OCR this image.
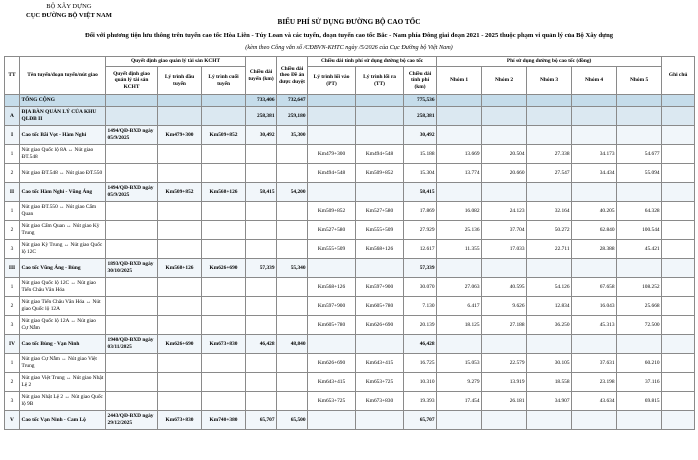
BỘ XÂY DỰNG
CỤC ĐƯỜNG BỘ VIỆT NAM
BIỂU PHÍ SỬ DỤNG ĐƯỜNG BỘ CAO TỐC
Đối với phương tiện lưu thông trên tuyến cao tốc Hòa Liên - Túy Loan và các tuyến, đoạn tuyến cao tốc Bắc - Nam phía Đông giai đoạn 2021 - 2025 thuộc phạm vi quản lý của Bộ Xây dựng
(kèm theo Công văn số /CĐBVN-KHTC ngày /5/2026 của Cục Đường bộ Việt Nam)
TT	Tên tuyến/đoạn tuyến/nút giao	Quyết định giao quản lý tài sản KCHT			Chiều dài tuyến (km)	Chiều dài theo Đề án được duyệt	Chiều dài tính phí sử dụng đường bộ cao tốc			Phí sử dụng đường bộ cao tốc (đồng)					Ghi chú
		Quyết định giao quản lý tài sản KCHT	Lý trình đầu tuyến	Lý trình cuối tuyến			Lý trình lối vào (PT)	Lý trình lối ra (TT)	Chiều dài tính phí (km)	Nhóm 1	Nhóm 2	Nhóm 3	Nhóm 4	Nhóm 5	
	TỔNG CỘNG				733,406	732,647			775,536						
A	ĐỊA BÀN QUẢN LÝ CỦA KHU QLĐB II				258,381	259,180			258,381						
I	Cao tốc Bãi Vọt - Hàm Nghi	1494/QĐ-BXD ngày 05/9/2025	Km479+300	Km509+852	30,492	35,300			30,492						
1	Nút giao Quốc lộ 8A ↔ Nút giao ĐT.548						Km479+300	Km494+548	15.188	13.669	20.504	27.338	34.173	54.677	
2	Nút giao ĐT.548 ↔ Nút giao ĐT.550						Km494+548	Km509+852	15.304	13.774	20.660	27.547	34.434	55.094	
II	Cao tốc Hàm Nghi - Vũng Áng	1494/QĐ-BXD ngày 05/9/2025	Km509+852	Km568+126	58,415	54,200			58,415						
1	Nút giao ĐT.550 ↔ Nút giao Cẩm Quan						Km509+852	Km527+580	17.869	16.082	24.123	32.164	40.205	64.328	
2	Nút giao Cẩm Quan ↔ Nút giao Kỳ Trung						Km527+580	Km555+509	27.929	25.136	37.704	50.272	62.840	100.544	
3	Nút giao Kỳ Trung ↔ Nút giao Quốc lộ 12C						Km555+509	Km568+126	12.617	11.355	17.033	22.711	28.388	45.421	
III	Cao tốc Vũng Áng - Bùng	1893/QĐ-BXD ngày 30/10/2025	Km568+126	Km626+690	57,339	55,340			57,339						
1	Nút giao Quốc lộ 12C ↔ Nút giao Tiến Châu Văn Hóa						Km568+126	Km597+900	30.070	27.063	40.595	54.126	67.658	108.252	
2	Nút giao Tiến Châu Văn Hóa ↔ Nút giao Quốc lộ 12A						Km597+900	Km605+780	7.130	6.417	9.626	12.834	16.043	25.668	
3	Nút giao Quốc lộ 12A ↔ Nút giao Cự Nẫm						Km605+780	Km626+690	20.139	18.125	27.188	36.250	45.313	72.500	
IV	Cao tốc Bùng - Vạn Ninh	1940/QĐ-BXD ngày 03/11/2025	Km626+690	Km673+830	46,428	48,840			46,428						
1	Nút giao Cự Nẫm ↔ Nút giao Việt Trung						Km626+690	Km643+415	16.725	15.053	22.579	30.105	37.631	60.210	
2	Nút giao Việt Trung ↔ Nút giao Nhật Lệ 2						Km643+415	Km653+725	10.310	9.279	13.919	18.558	23.198	37.116	
3	Nút giao Nhật Lệ 2 ↔ Nút giao Quốc lộ 9B						Km653+725	Km673+830	19.393	17.454	26.181	34.907	43.634	69.815	
V	Cao tốc Vạn Ninh - Cam Lộ	2443/QĐ-BXD ngày 29/12/2025	Km673+830	Km740+380	65,707	65,500			65,707						
